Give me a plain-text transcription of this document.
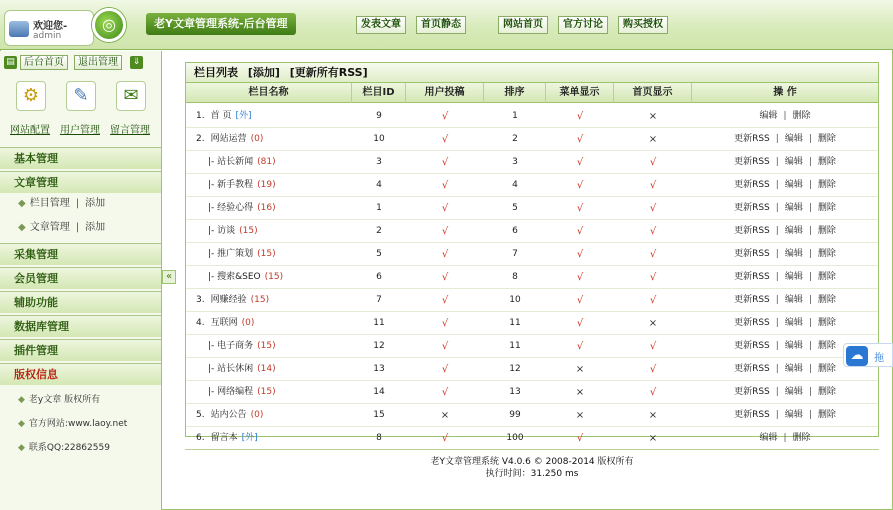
欢迎您-
admin
◎	老Y文章管理系统-后台管理	发表文章	首页静态	网站首页	官方讨论	购买授权
▤ 后台首页	退出管理	⇓
⚙	✎	✉
网站配置 用户管理 留言管理
基本管理
文章管理
◆ 栏目管理 | 添加
◆ 文章管理 | 添加
采集管理
会员管理
辅助功能
数据库管理
插件管理
版权信息
◆ 老y文章 版权所有
◆ 官方网站:www.laoy.net
◆ 联系QQ:22862559
«
栏目列表 [添加] [更新所有RSS]
栏目名称	栏目ID	用户投稿	排序	菜单显示	首页显示	操 作
1. 首 页 [外]	9	√	1	√	×	编辑 | 删除
2. 网站运营 (0)	10	√	2	√	×	更新RSS | 编辑 | 删除
|- 站长新闻 (81)	3	√	3	√	√	更新RSS | 编辑 | 删除
|- 新手教程 (19)	4	√	4	√	√	更新RSS | 编辑 | 删除
|- 经验心得 (16)	1	√	5	√	√	更新RSS | 编辑 | 删除
|- 访谈 (15)	2	√	6	√	√	更新RSS | 编辑 | 删除
|- 推广策划 (15)	5	√	7	√	√	更新RSS | 编辑 | 删除
|- 搜索&SEO (15)	6	√	8	√	√	更新RSS | 编辑 | 删除
3. 网赚经验 (15)	7	√	10	√	√	更新RSS | 编辑 | 删除
4. 互联网 (0)	11	√	11	√	×	更新RSS | 编辑 | 删除
|- 电子商务 (15)	12	√	11	√	√	更新RSS | 编辑 | 删除
|- 站长休闲 (14)	13	√	12	×	√	更新RSS | 编辑 | 删除
|- 网络编程 (15)	14	√	13	×	√	更新RSS | 编辑 | 删除
5. 站内公告 (0)	15	×	99	×	×	更新RSS | 编辑 | 删除
6. 留言本 [外]	8	√	100	√	×	编辑 | 删除
老Y文章管理系统 V4.0.6 © 2008-2014 版权所有
执行时间：31.250 ms
☁	拖
